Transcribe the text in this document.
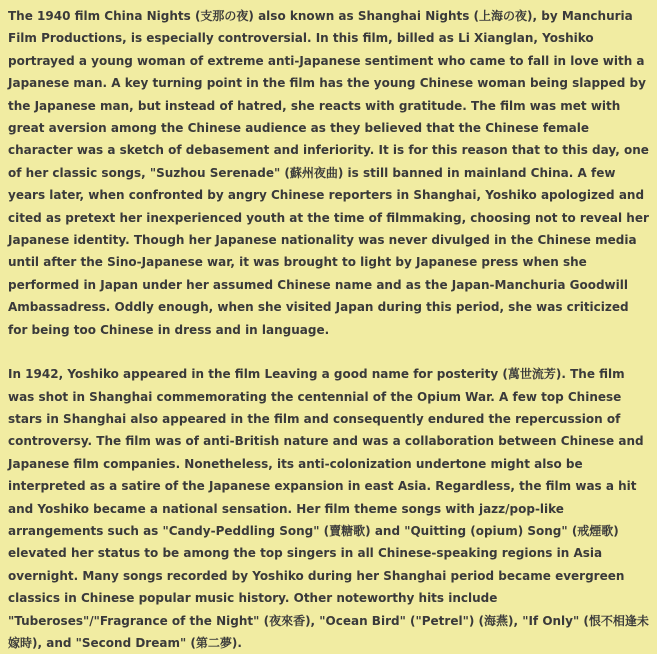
The 1940 film China Nights (支那の夜) also known as Shanghai Nights (上海の夜), by Manchuria Film Productions, is especially controversial. In this film, billed as Li Xianglan, Yoshiko portrayed a young woman of extreme anti-Japanese sentiment who came to fall in love with a Japanese man. A key turning point in the film has the young Chinese woman being slapped by the Japanese man, but instead of hatred, she reacts with gratitude. The film was met with great aversion among the Chinese audience as they believed that the Chinese female character was a sketch of debasement and inferiority. It is for this reason that to this day, one of her classic songs, "Suzhou Serenade" (蘇州夜曲) is still banned in mainland China. A few years later, when confronted by angry Chinese reporters in Shanghai, Yoshiko apologized and cited as pretext her inexperienced youth at the time of filmmaking, choosing not to reveal her Japanese identity. Though her Japanese nationality was never divulged in the Chinese media until after the Sino-Japanese war, it was brought to light by Japanese press when she performed in Japan under her assumed Chinese name and as the Japan-Manchuria Goodwill Ambassadress. Oddly enough, when she visited Japan during this period, she was criticized for being too Chinese in dress and in language.

In 1942, Yoshiko appeared in the film Leaving a good name for posterity (萬世流芳). The film was shot in Shanghai commemorating the centennial of the Opium War. A few top Chinese stars in Shanghai also appeared in the film and consequently endured the repercussion of controversy. The film was of anti-British nature and was a collaboration between Chinese and Japanese film companies. Nonetheless, its anti-colonization undertone might also be interpreted as a satire of the Japanese expansion in east Asia. Regardless, the film was a hit and Yoshiko became a national sensation. Her film theme songs with jazz/pop-like arrangements such as "Candy-Peddling Song" (賣糖歌) and "Quitting (opium) Song" (戒煙歌) elevated her status to be among the top singers in all Chinese-speaking regions in Asia overnight. Many songs recorded by Yoshiko during her Shanghai period became evergreen classics in Chinese popular music history. Other noteworthy hits include "Tuberoses"/"Fragrance of the Night" (夜來香), "Ocean Bird" ("Petrel") (海燕), "If Only" (恨不相逢未嫁時), and "Second Dream" (第二夢).
